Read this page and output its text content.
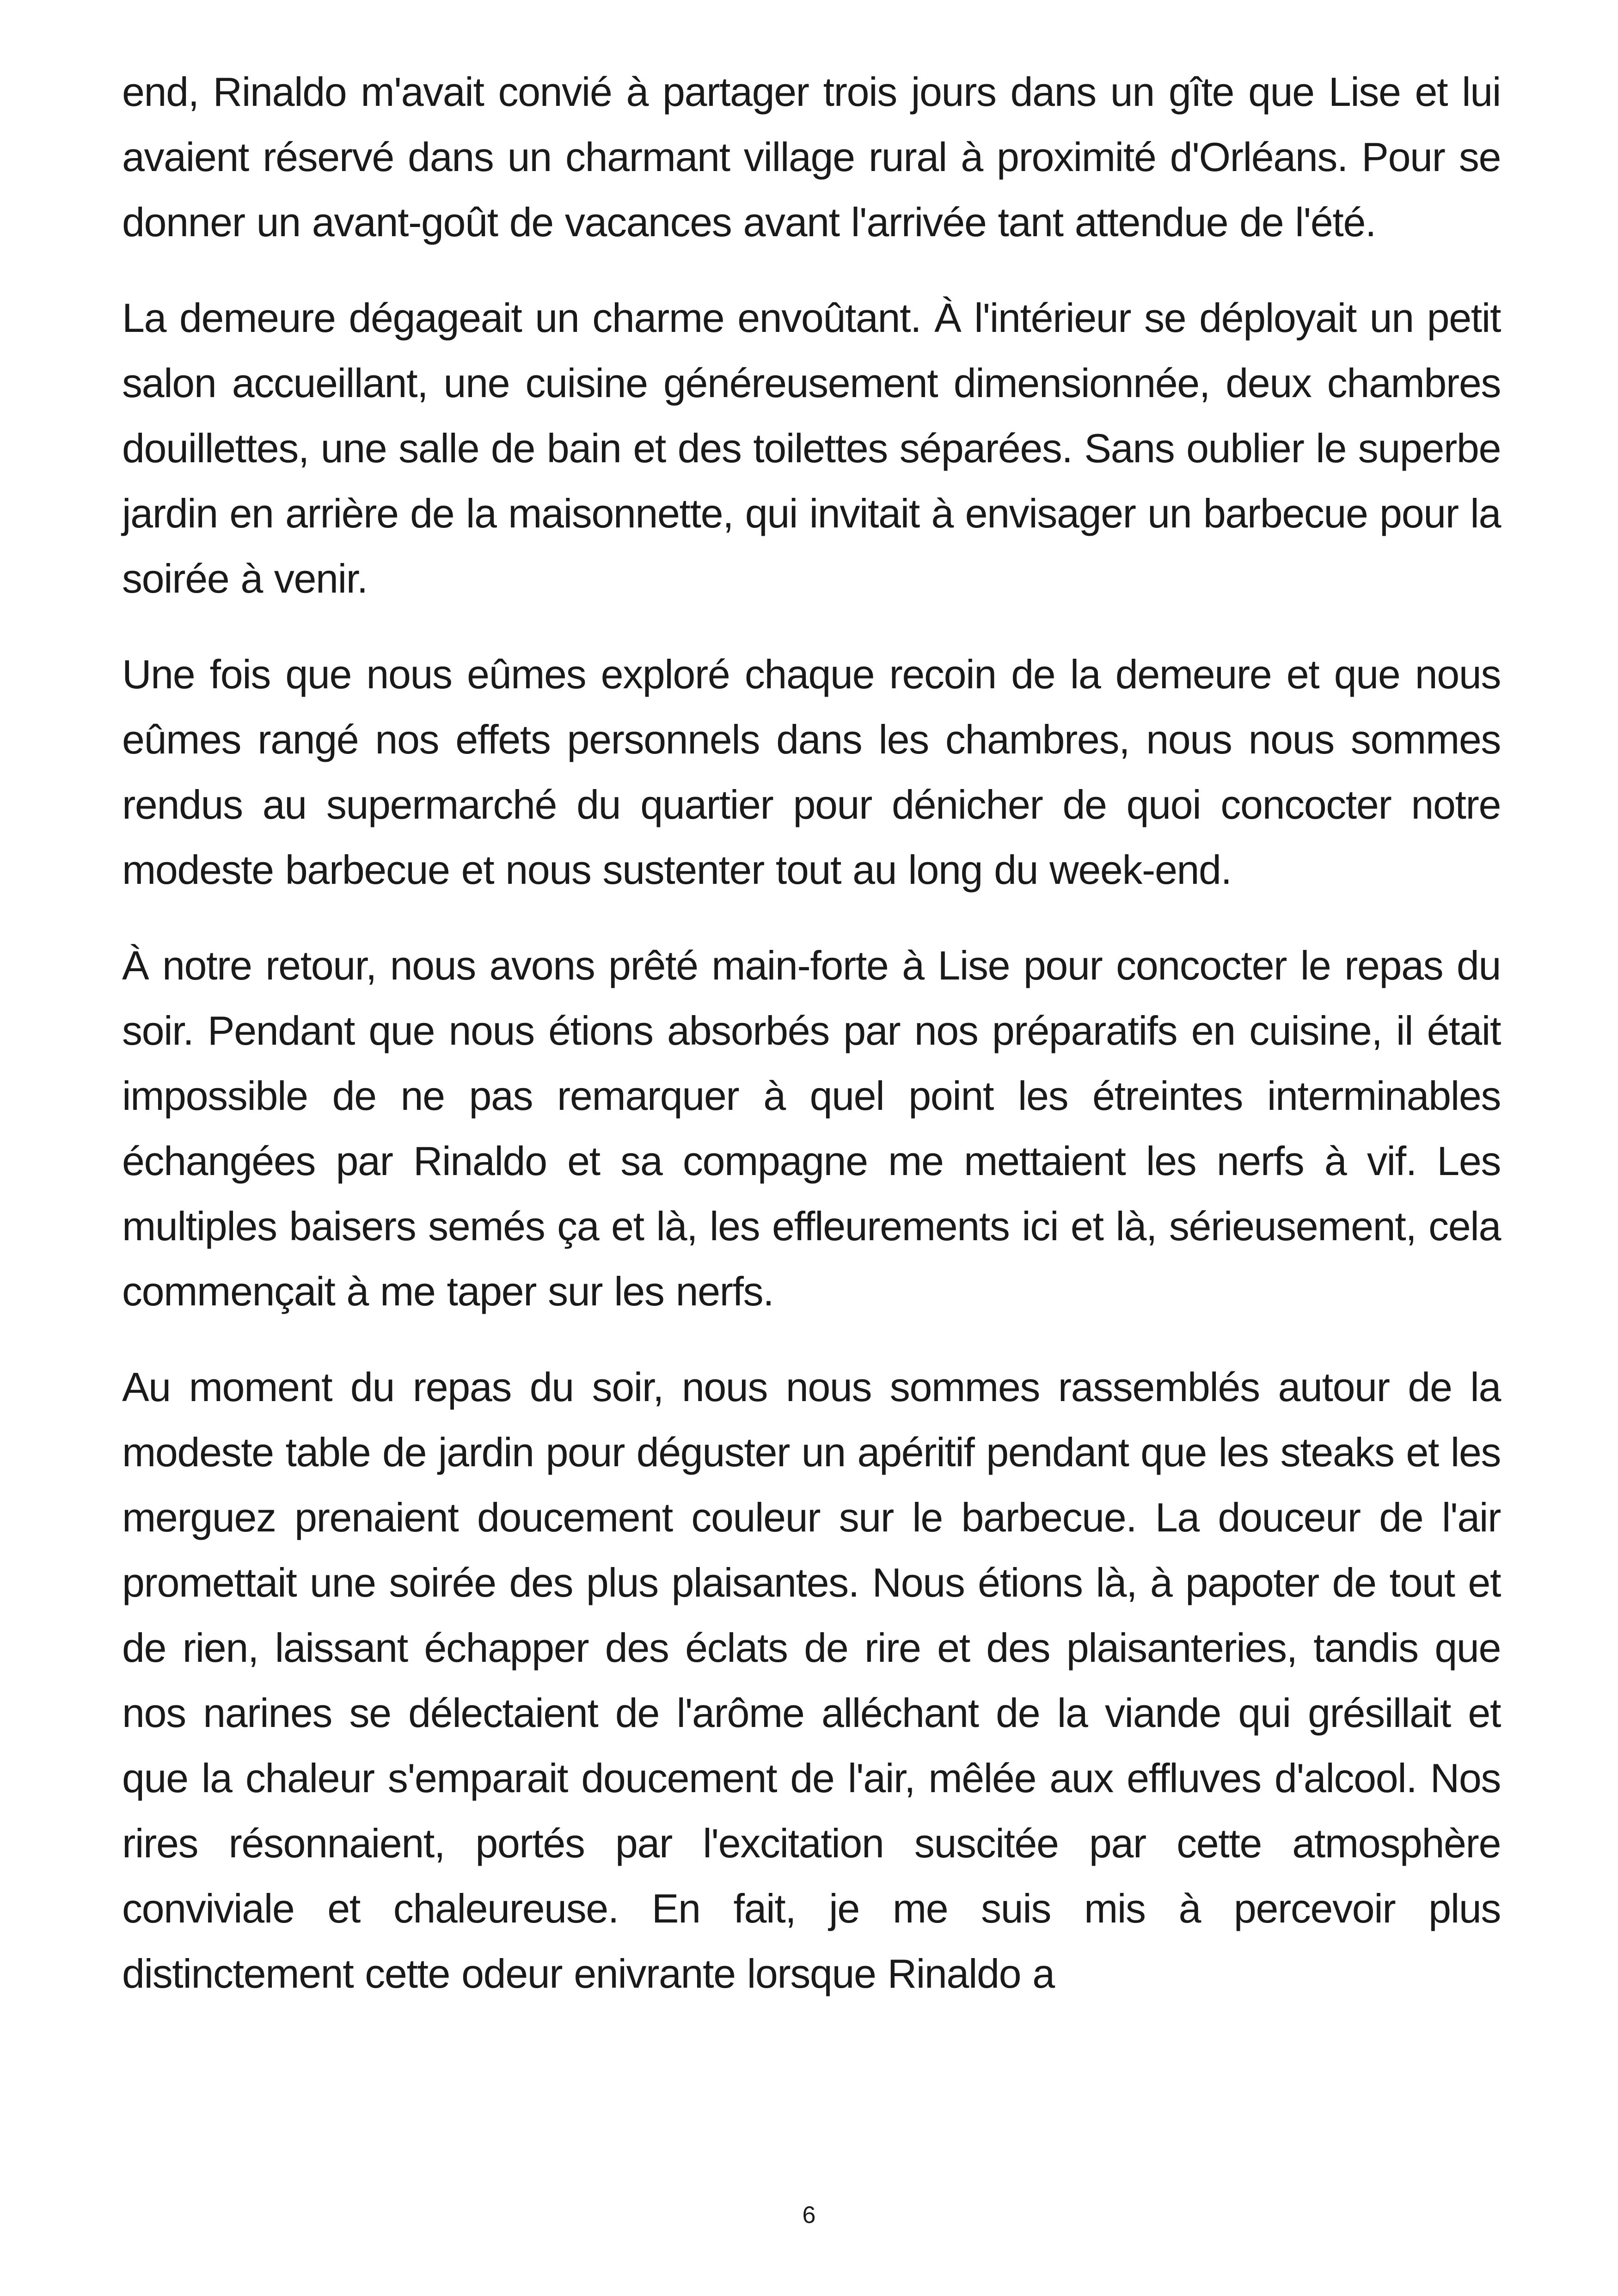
end, Rinaldo m'avait convié à partager trois jours dans un gîte que Lise et lui avaient réservé dans un charmant village rural à proximité d'Orléans. Pour se donner un avant-goût de vacances avant l'arrivée tant attendue de l'été.

La demeure dégageait un charme envoûtant. À l'intérieur se déployait un petit salon accueillant, une cuisine généreusement dimensionnée, deux chambres douillettes, une salle de bain et des toilettes séparées. Sans oublier le superbe jardin en arrière de la maisonnette, qui invitait à envisager un barbecue pour la soirée à venir.

Une fois que nous eûmes exploré chaque recoin de la demeure et que nous eûmes rangé nos effets personnels dans les chambres, nous nous sommes rendus au supermarché du quartier pour dénicher de quoi concocter notre modeste barbecue et nous sustenter tout au long du week-end.

À notre retour, nous avons prêté main-forte à Lise pour concocter le repas du soir. Pendant que nous étions absorbés par nos préparatifs en cuisine, il était impossible de ne pas remarquer à quel point les étreintes interminables échangées par Rinaldo et sa compagne me mettaient les nerfs à vif. Les multiples baisers semés ça et là, les effleurements ici et là, sérieusement, cela commençait à me taper sur les nerfs.

Au moment du repas du soir, nous nous sommes rassemblés autour de la modeste table de jardin pour déguster un apéritif pendant que les steaks et les merguez prenaient doucement couleur sur le barbecue. La douceur de l'air promettait une soirée des plus plaisantes. Nous étions là, à papoter de tout et de rien, laissant échapper des éclats de rire et des plaisanteries, tandis que nos narines se délectaient de l'arôme alléchant de la viande qui grésillait et que la chaleur s'emparait doucement de l'air, mêlée aux effluves d'alcool. Nos rires résonnaient, portés par l'excitation suscitée par cette atmosphère conviviale et chaleureuse. En fait, je me suis mis à percevoir plus distinctement cette odeur enivrante lorsque Rinaldo a

6
